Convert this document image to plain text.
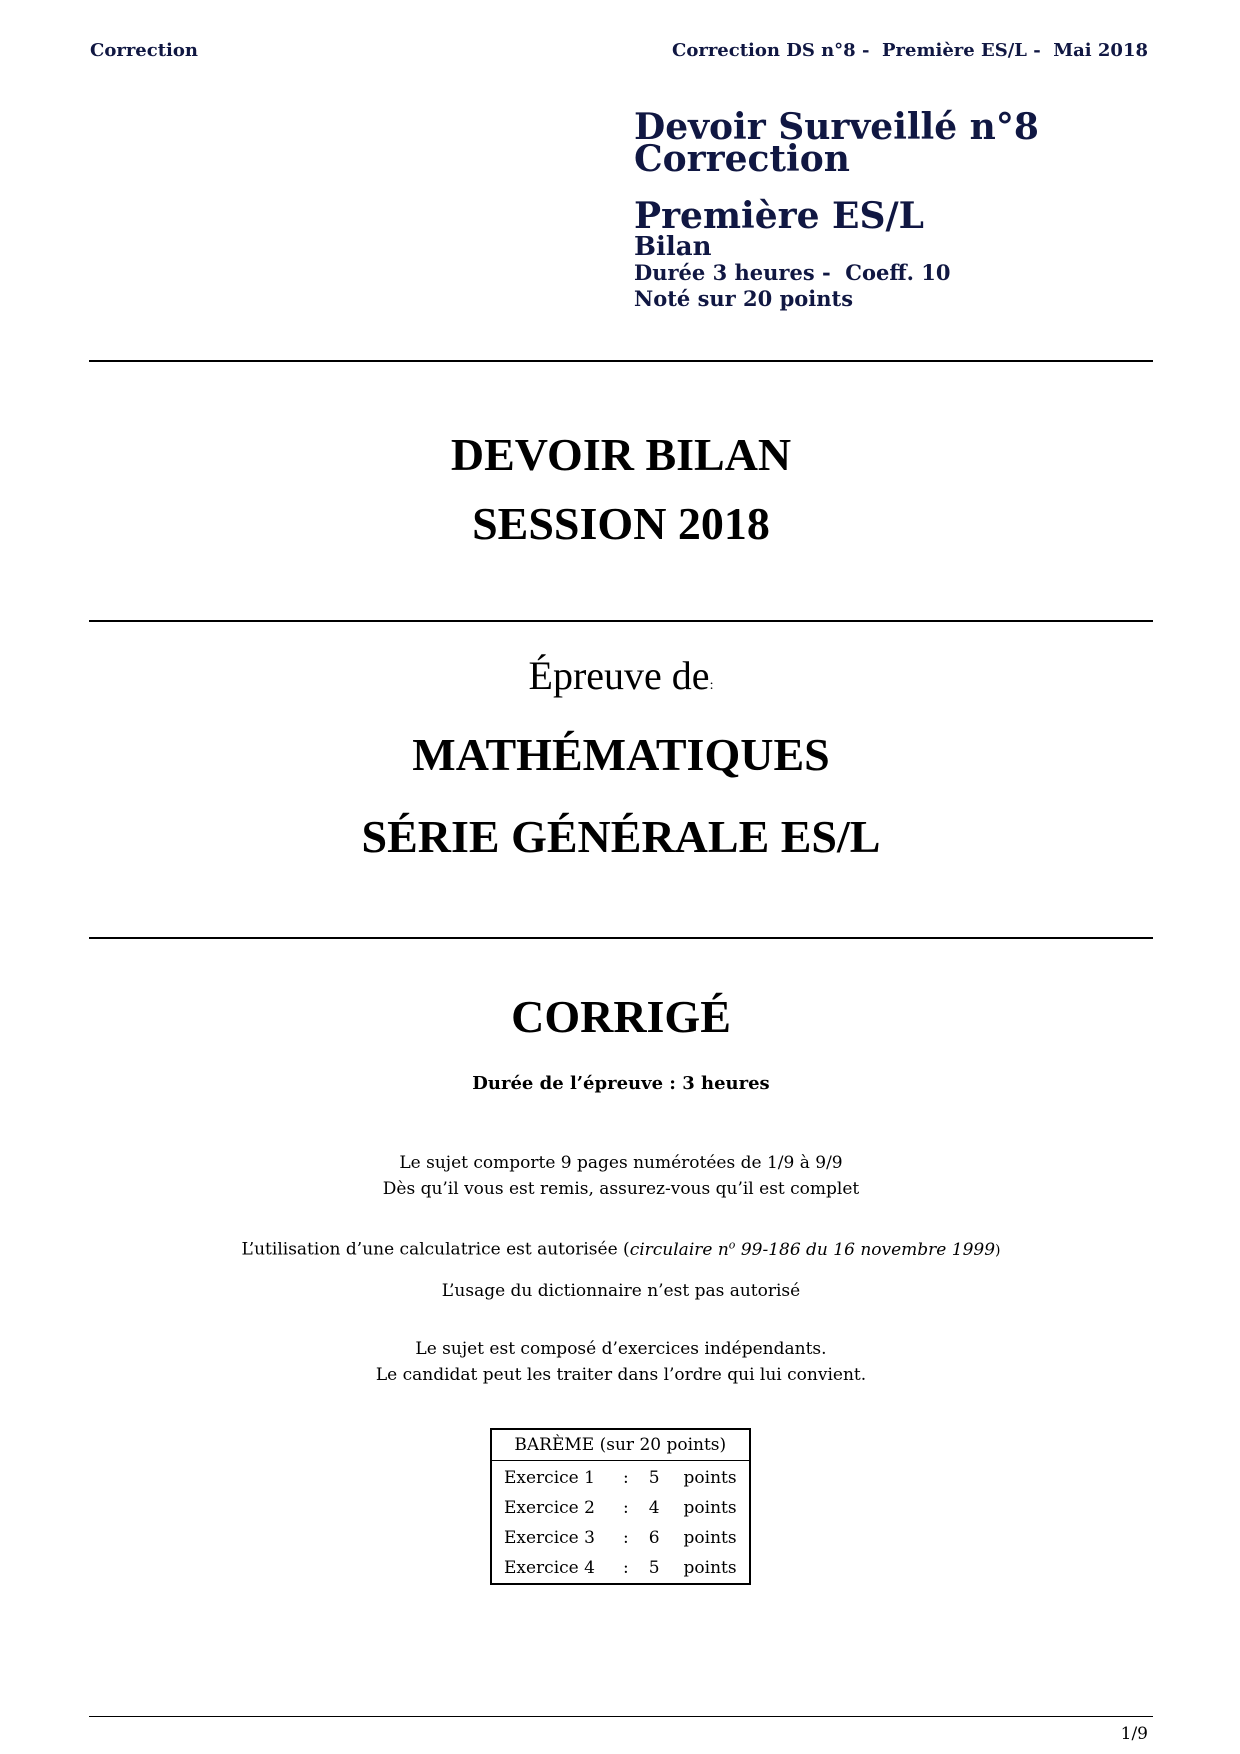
Correction	Correction DS n°8 -  Première ES/L -  Mai 2018
Devoir Surveillé n°8
Correction
Première ES/L
Bilan
Durée 3 heures -  Coeff. 10
Noté sur 20 points
DEVOIR BILAN
SESSION 2018
Épreuve de:
MATHÉMATIQUES
SÉRIE GÉNÉRALE ES/L
CORRIGÉ
Durée de l’épreuve : 3 heures
Le sujet comporte 9 pages numérotées de 1/9 à 9/9
Dès qu’il vous est remis, assurez-vous qu’il est complet
L’utilisation d’une calculatrice est autorisée (circulaire $n^o$ 99-186 du 16 novembre 1999)
L’usage du dictionnaire n’est pas autorisé
Le sujet est composé d’exercices indépendants.
Le candidat peut les traiter dans l’ordre qui lui convient.
BARÈME (sur 20 points)			
Exercice 1	:	5	points
Exercice 2	:	4	points
Exercice 3	:	6	points
Exercice 4	:	5	points
1/9
